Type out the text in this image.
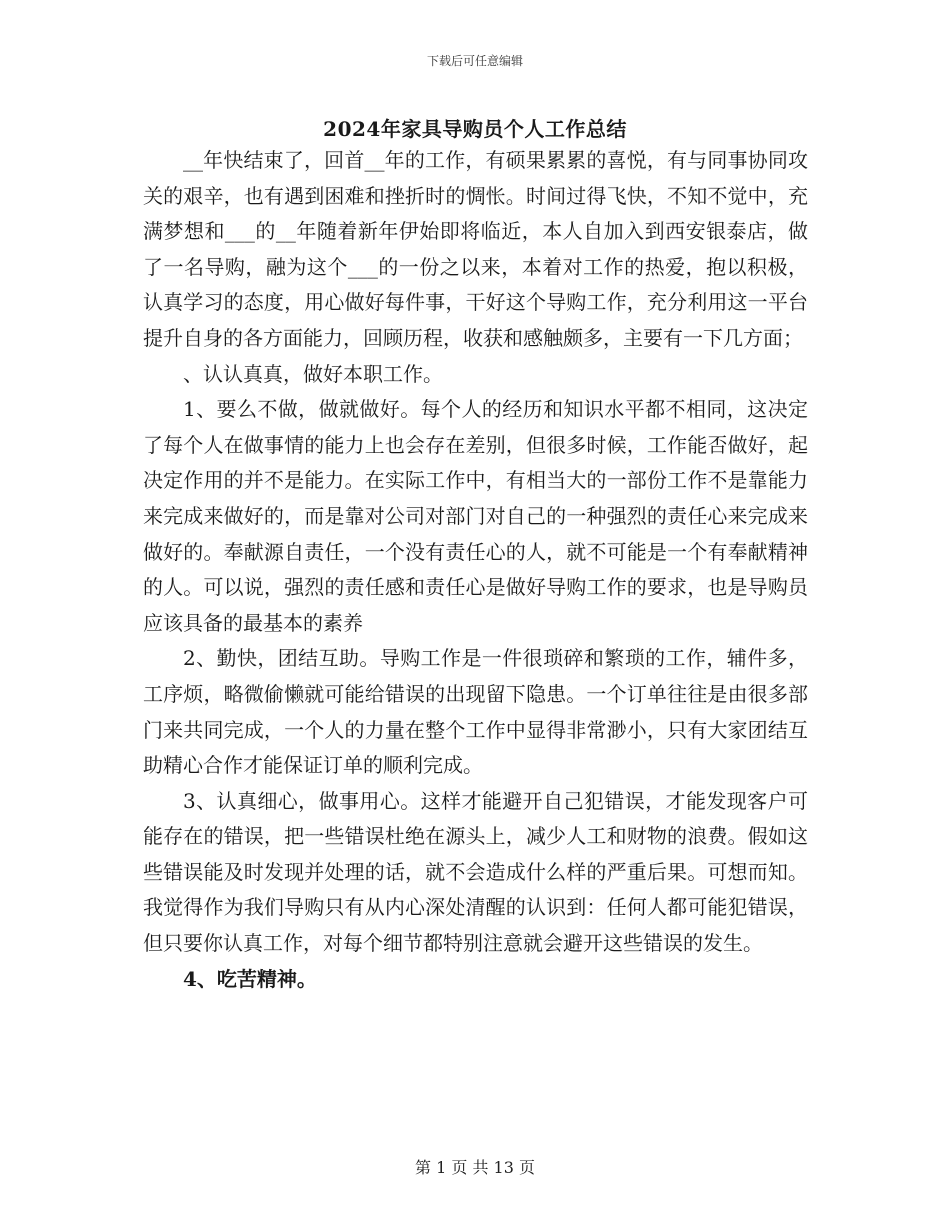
下载后可任意编辑
2024年家具导购员个人工作总结

__年快结束了，回首__年的工作，有硕果累累的喜悦，有与同事协同攻关的艰辛，也有遇到困难和挫折时的惆怅。时间过得飞快，不知不觉中，充满梦想和___的__年随着新年伊始即将临近，本人自加入到西安银泰店，做了一名导购，融为这个___的一份之以来，本着对工作的热爱，抱以积极，认真学习的态度，用心做好每件事，干好这个导购工作，充分利用这一平台提升自身的各方面能力，回顾历程，收获和感触颇多，主要有一下几方面；

、认认真真，做好本职工作。

1、要么不做，做就做好。每个人的经历和知识水平都不相同，这决定了每个人在做事情的能力上也会存在差别，但很多时候，工作能否做好，起决定作用的并不是能力。在实际工作中，有相当大的一部份工作不是靠能力来完成来做好的，而是靠对公司对部门对自己的一种强烈的责任心来完成来做好的。奉献源自责任，一个没有责任心的人，就不可能是一个有奉献精神的人。可以说，强烈的责任感和责任心是做好导购工作的要求，也是导购员应该具备的最基本的素养

2、勤快，团结互助。导购工作是一件很琐碎和繁琐的工作，辅件多，工序烦，略微偷懒就可能给错误的出现留下隐患。一个订单往往是由很多部门来共同完成，一个人的力量在整个工作中显得非常渺小，只有大家团结互助精心合作才能保证订单的顺利完成。

3、认真细心，做事用心。这样才能避开自己犯错误，才能发现客户可能存在的错误，把一些错误杜绝在源头上，减少人工和财物的浪费。假如这些错误能及时发现并处理的话，就不会造成什么样的严重后果。可想而知。我觉得作为我们导购只有从内心深处清醒的认识到：任何人都可能犯错误，但只要你认真工作，对每个细节都特别注意就会避开这些错误的发生。

4、吃苦精神。

第 1 页 共 13 页
